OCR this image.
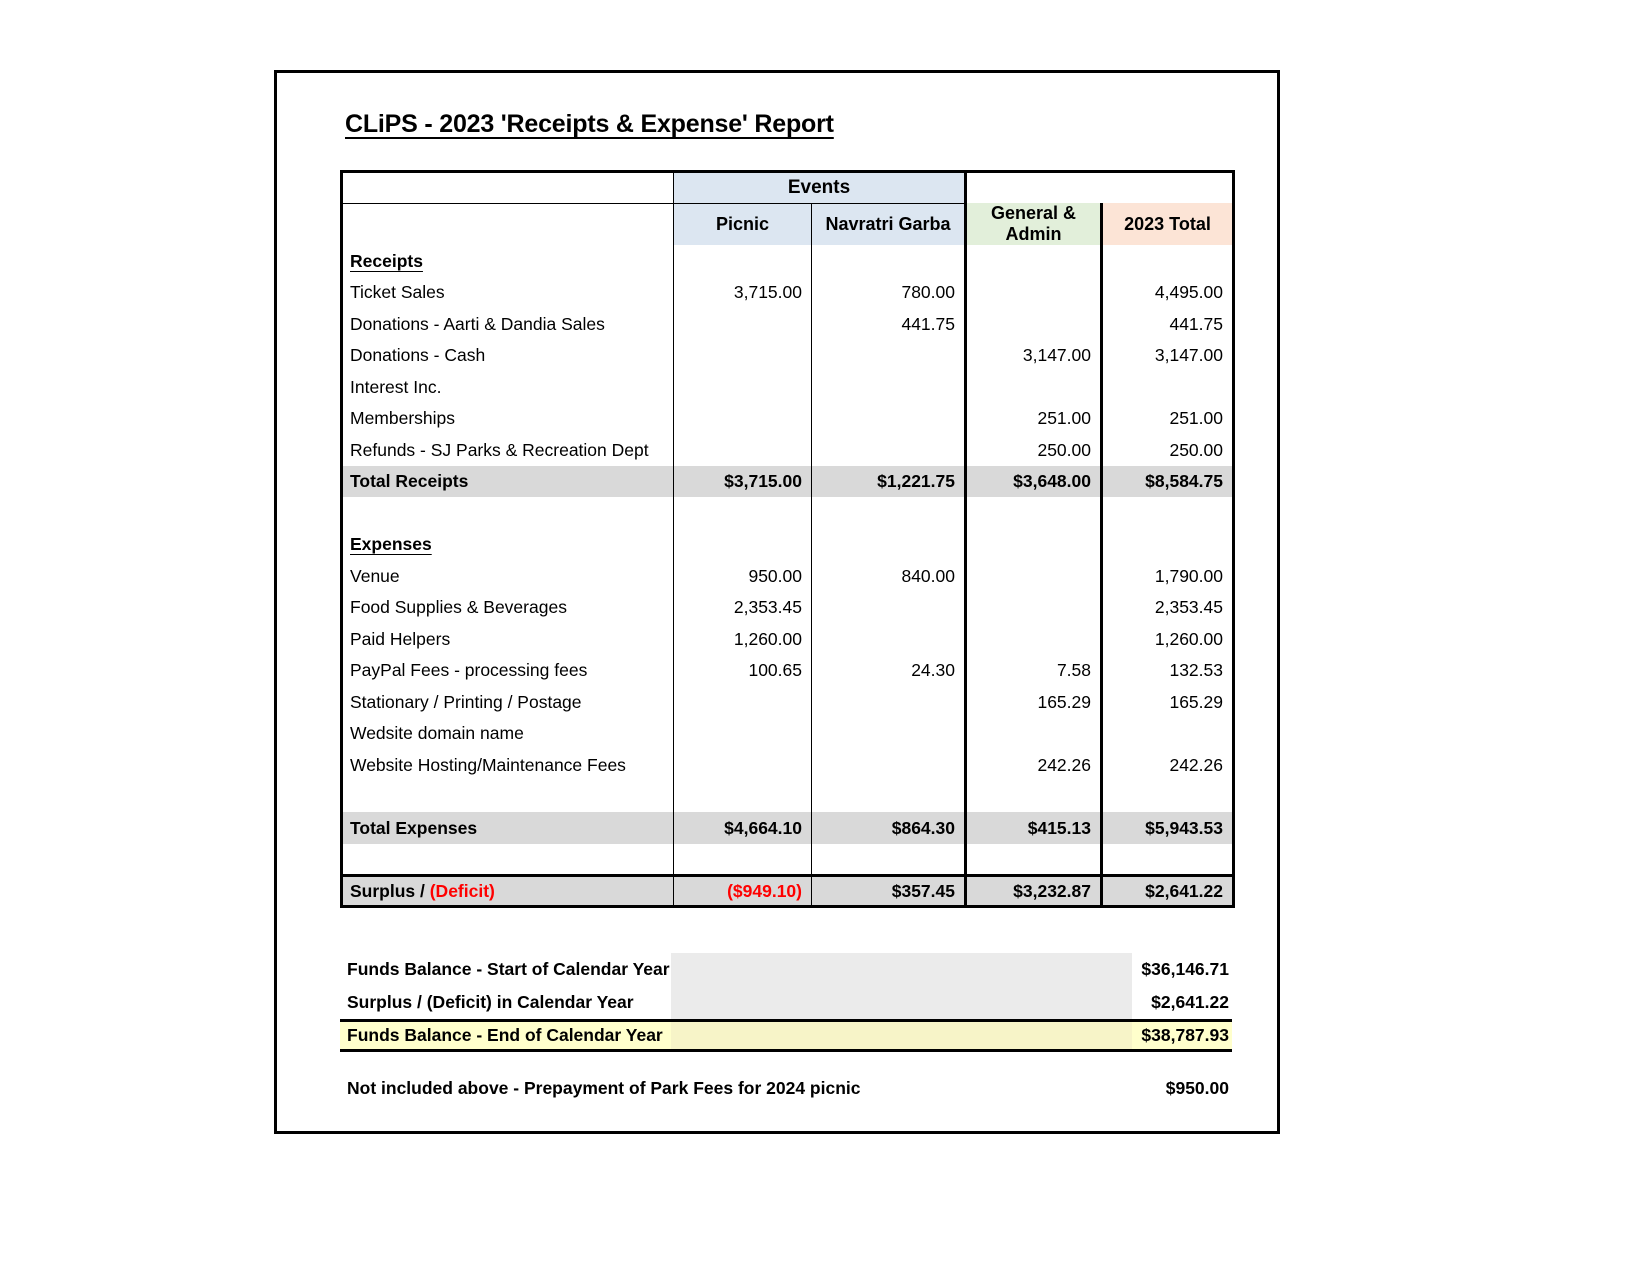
CLiPS - 2023 'Receipts & Expense' Report
	Events			
	Picnic	Navratri Garba	General & Admin	2023 Total
Receipts				
Ticket Sales	3,715.00	780.00		4,495.00
Donations - Aarti & Dandia Sales		441.75		441.75
Donations - Cash			3,147.00	3,147.00
Interest Inc.				
Memberships			251.00	251.00
Refunds - SJ Parks & Recreation Dept			250.00	250.00
Total Receipts	$3,715.00	$1,221.75	$3,648.00	$8,584.75

Expenses				
Venue	950.00	840.00		1,790.00
Food Supplies & Beverages	2,353.45			2,353.45
Paid Helpers	1,260.00			1,260.00
PayPal Fees - processing fees	100.65	24.30	7.58	132.53
Stationary / Printing / Postage			165.29	165.29
Wedsite domain name				
Website Hosting/Maintenance Fees			242.26	242.26

Total Expenses	$4,664.10	$864.30	$415.13	$5,943.53

Surplus / (Deficit)	($949.10)	$357.45	$3,232.87	$2,641.22
Funds Balance - Start of Calendar Year	$36,146.71
Surplus / (Deficit) in Calendar Year	$2,641.22
Funds Balance - End of Calendar Year	$38,787.93
Not included above - Prepayment of Park Fees for 2024 picnic	$950.00
